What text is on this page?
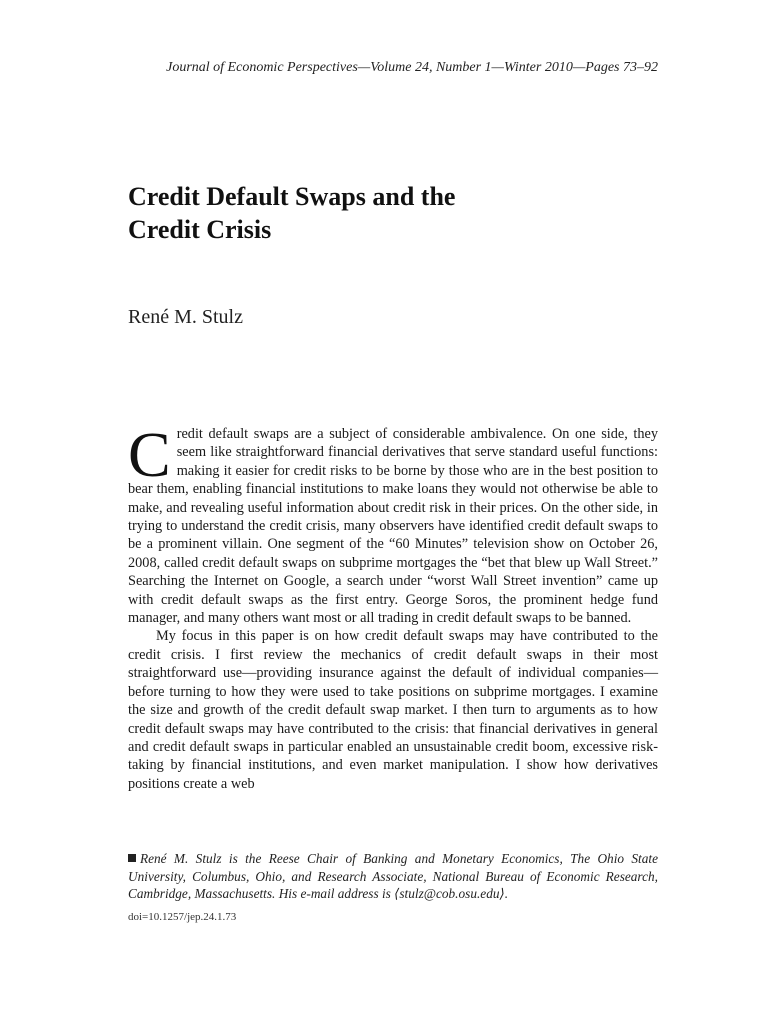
Journal of Economic Perspectives—Volume 24, Number 1—Winter 2010—Pages 73–92
Credit Default Swaps and the
Credit Crisis
René M. Stulz

Credit default swaps are a subject of considerable ambivalence. On one side, they seem like straightforward financial derivatives that serve standard useful functions: making it easier for credit risks to be borne by those who are in the best position to bear them, enabling financial institutions to make loans they would not otherwise be able to make, and revealing useful information about credit risk in their prices. On the other side, in trying to understand the credit crisis, many observers have identified credit default swaps to be a prominent villain. One segment of the “60 Minutes” television show on October 26, 2008, called credit default swaps on subprime mortgages the “bet that blew up Wall Street.” Searching the Internet on Google, a search under “worst Wall Street invention” came up with credit default swaps as the first entry. George Soros, the prominent hedge fund manager, and many others want most or all trading in credit default swaps to be banned.

My focus in this paper is on how credit default swaps may have contributed to the credit crisis. I first review the mechanics of credit default swaps in their most straightforward use—providing insurance against the default of individual companies—before turning to how they were used to take positions on subprime mortgages. I examine the size and growth of the credit default swap market. I then turn to arguments as to how credit default swaps may have contributed to the crisis: that financial derivatives in general and credit default swaps in particular enabled an unsustainable credit boom, excessive risk-taking by financial institutions, and even market manipulation. I show how derivatives positions create a web

René M. Stulz is the Reese Chair of Banking and Monetary Economics, The Ohio State University, Columbus, Ohio, and Research Associate, National Bureau of Economic Research, Cambridge, Massachusetts. His e-mail address is ⟨stulz@cob.osu.edu⟩.
doi=10.1257/jep.24.1.73
